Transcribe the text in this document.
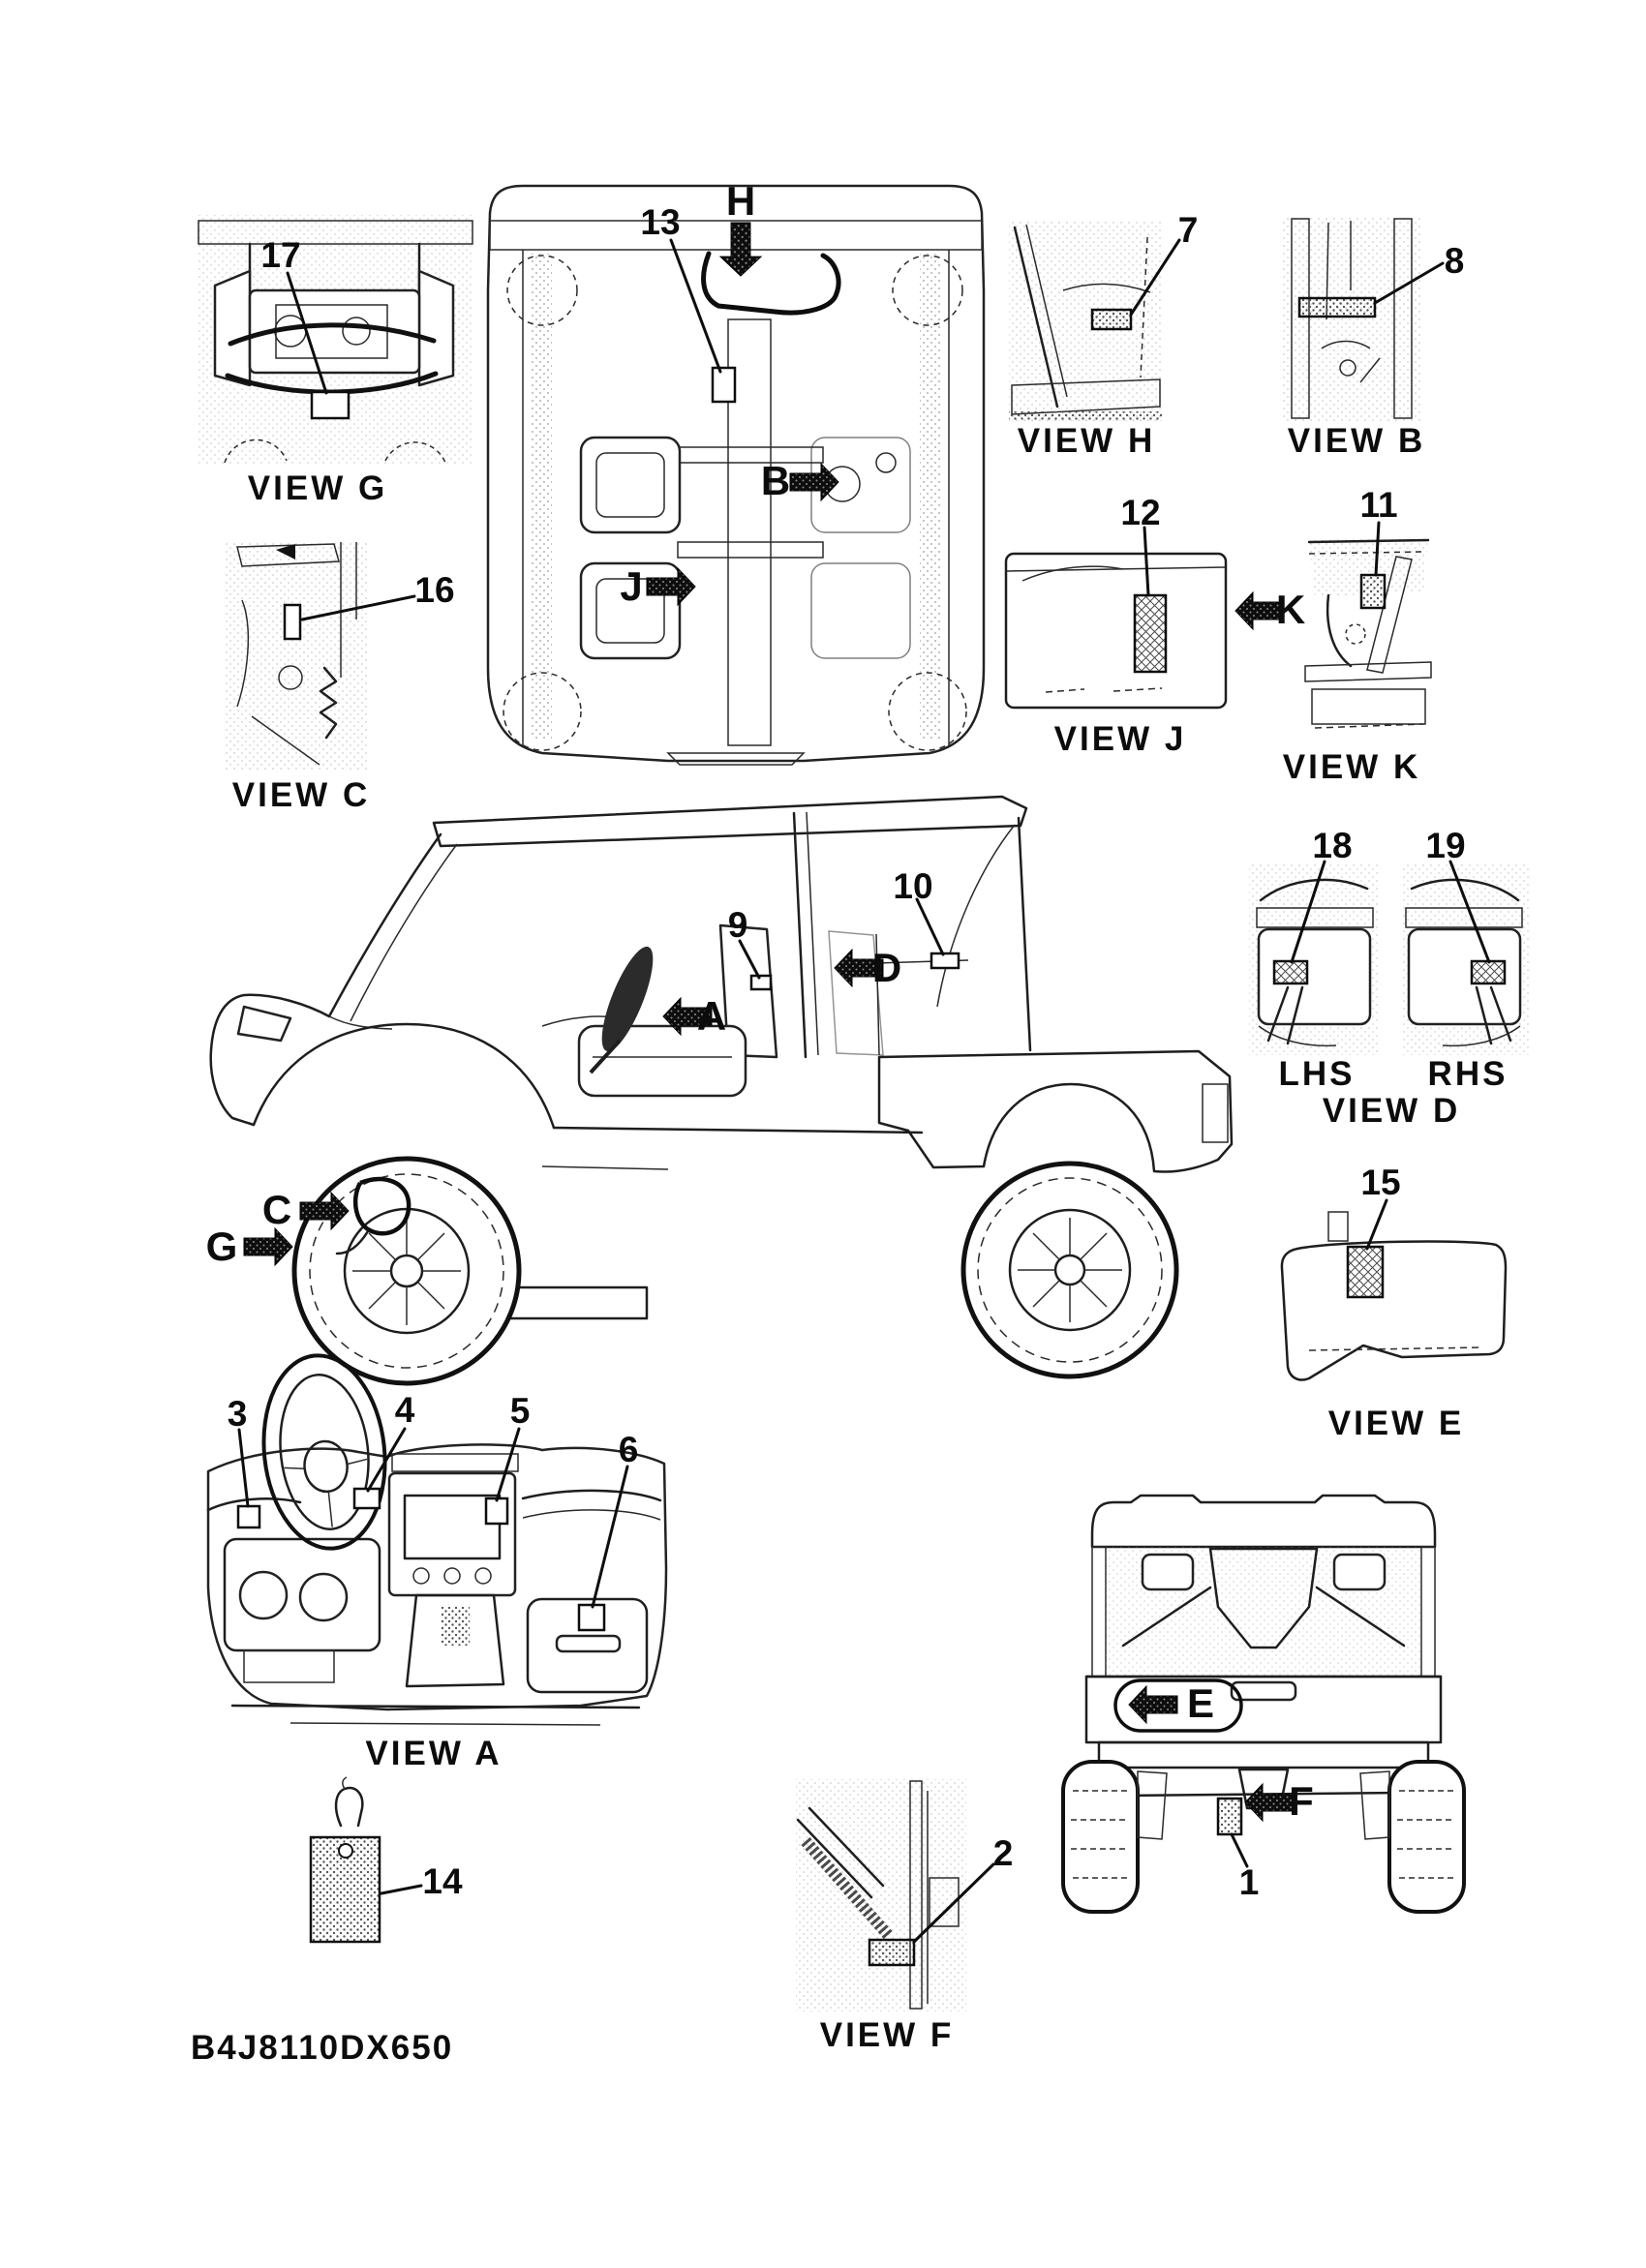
17
13	7
8
12	11
16
9
10
18 19
15
3	4	5
6
14
2
1
H
B
J
K
A
D
C
G
E
F
VIEW G
VIEW C
VIEW H	VIEW B
VIEW J
VIEW K
LHS RHS
VIEW D
VIEW E
VIEW A
VIEW F
B4J8110DX650
